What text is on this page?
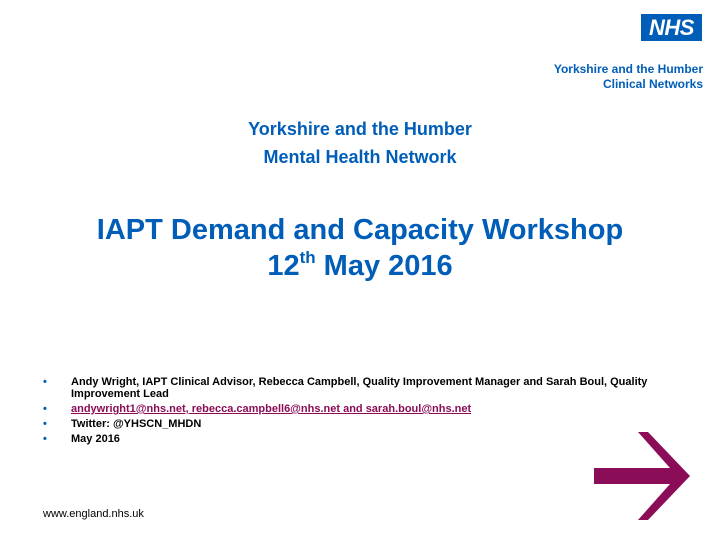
NHS
Yorkshire and the Humber
Clinical Networks
Yorkshire and the Humber
Mental Health Network
IAPT Demand and Capacity Workshop
12th May 2016
• Andy Wright, IAPT Clinical Advisor, Rebecca Campbell, Quality Improvement Manager and Sarah Boul, Quality Improvement Lead
• andywright1@nhs.net, rebecca.campbell6@nhs.net and sarah.boul@nhs.net
• Twitter: @YHSCN_MHDN
• May 2016
www.england.nhs.uk
